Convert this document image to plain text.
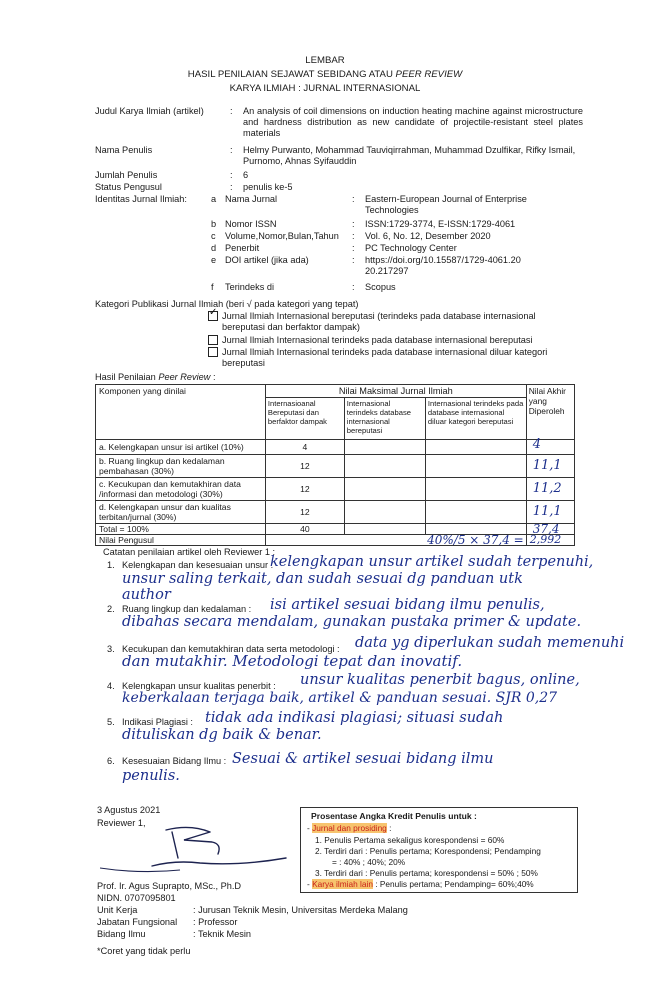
LEMBAR
HASIL PENILAIAN SEJAWAT SEBIDANG ATAU PEER REVIEW
KARYA ILMIAH : JURNAL INTERNASIONAL
Judul Karya Ilmiah (artikel)	: An analysis of coil dimensions on induction heating machine against microstructure and hardness distribution as new candidate of projectile-resistant steel plates materials
Nama Penulis	: Helmy Purwanto, Mohammad Tauviqirrahman, Muhammad Dzulfikar, Rifky Ismail, Purnomo, Ahnas Syifauddin
Jumlah Penulis	: 6
Status Pengusul	: penulis ke-5
Identitas Jurnal Ilmiah:	a Nama Jurnal	: Eastern-European Journal of Enterprise Technologies
b Nomor ISSN	: ISSN:1729-3774, E-ISSN:1729-4061
c Volume,Nomor,Bulan,Tahun : Vol. 6, No. 12, Desember 2020
d Penerbit	: PC Technology Center
e DOI artikel (jika ada)	: https://doi.org/10.15587/1729-4061.2020.217297
f Terindeks di	: Scopus
Kategori Publikasi Jurnal Ilmiah (beri √ pada kategori yang tepat)
✓ Jurnal Ilmiah Internasional bereputasi (terindeks pada database internasional bereputasi dan berfaktor dampak)
Jurnal Ilmiah Internasional terindeks pada database internasional bereputasi
Jurnal Ilmiah Internasional terindeks pada database internasional diluar kategori bereputasi
Hasil Penilaian Peer Review :
Komponen yang dinilai	Nilai Maksimal Jurnal Ilmiah			Nilai Akhir yang Diperoleh
	Internasioanal Bereputasi dan berfaktor dampak	Internasional terindeks database internasional bereputasi	Internasional terindeks pada database internasional diluar kategori bereputasi	
a. Kelengkapan unsur isi artikel (10%)	4			4
b. Ruang lingkup dan kedalaman pembahasan (30%)	12			11,1
c. Kecukupan dan kemutakhiran data /informasi dan metodologi (30%)	12			11,2
d. Kelengkapan unsur dan kualitas terbitan/jurnal (30%)	12			11,1
Total = 100%	40			37,4
Nilai Pengusul	40%/5 × 37,4 =			2,992
Catatan penilaian artikel oleh Reviewer 1 :
1. Kelengkapan dan kesesuaian unsur :
kelengkapan unsur artikel sudah terpenuhi,
unsur saling terkait, dan sudah sesuai dg panduan utk
author
2. Ruang lingkup dan kedalaman : isi artikel sesuai bidang ilmu penulis,
dibahas secara mendalam, gunakan pustaka primer & update.
3. Kecukupan dan kemutakhiran data serta metodologi : data yg diperlukan sudah memenuhi
dan mutakhir. Metodologi tepat dan inovatif.
4. Kelengkapan unsur kualitas penerbit : unsur kualitas penerbit bagus, online,
keberkalaan terjaga baik, artikel & panduan sesuai. SJR 0,27
5. Indikasi Plagiasi : tidak ada indikasi plagiasi; situasi sudah
dituliskan dg baik & benar.
6. Kesesuaian Bidang Ilmu : Sesuai & artikel sesuai bidang ilmu
penulis.
3 Agustus 2021
Reviewer 1,
Prof. Ir. Agus Suprapto, MSc., Ph.D
NIDN. 0707095801
Unit Kerja	: Jurusan Teknik Mesin, Universitas Merdeka Malang
Jabatan Fungsional : Professor
Bidang Ilmu	: Teknik Mesin
*Coret yang tidak perlu
Prosentase Angka Kredit Penulis untuk :
- Jurnal dan prosiding :
1. Penulis Pertama sekaligus korespondensi = 60%
2. Terdiri dari : Penulis pertama; Korespondensi; Pendamping
= : 40% ; 40%; 20%
3. Terdiri dari : Penulis pertama; korespondensi = 50% ; 50%
- Karya ilmiah lain : Penulis pertama; Pendamping= 60%;40%
